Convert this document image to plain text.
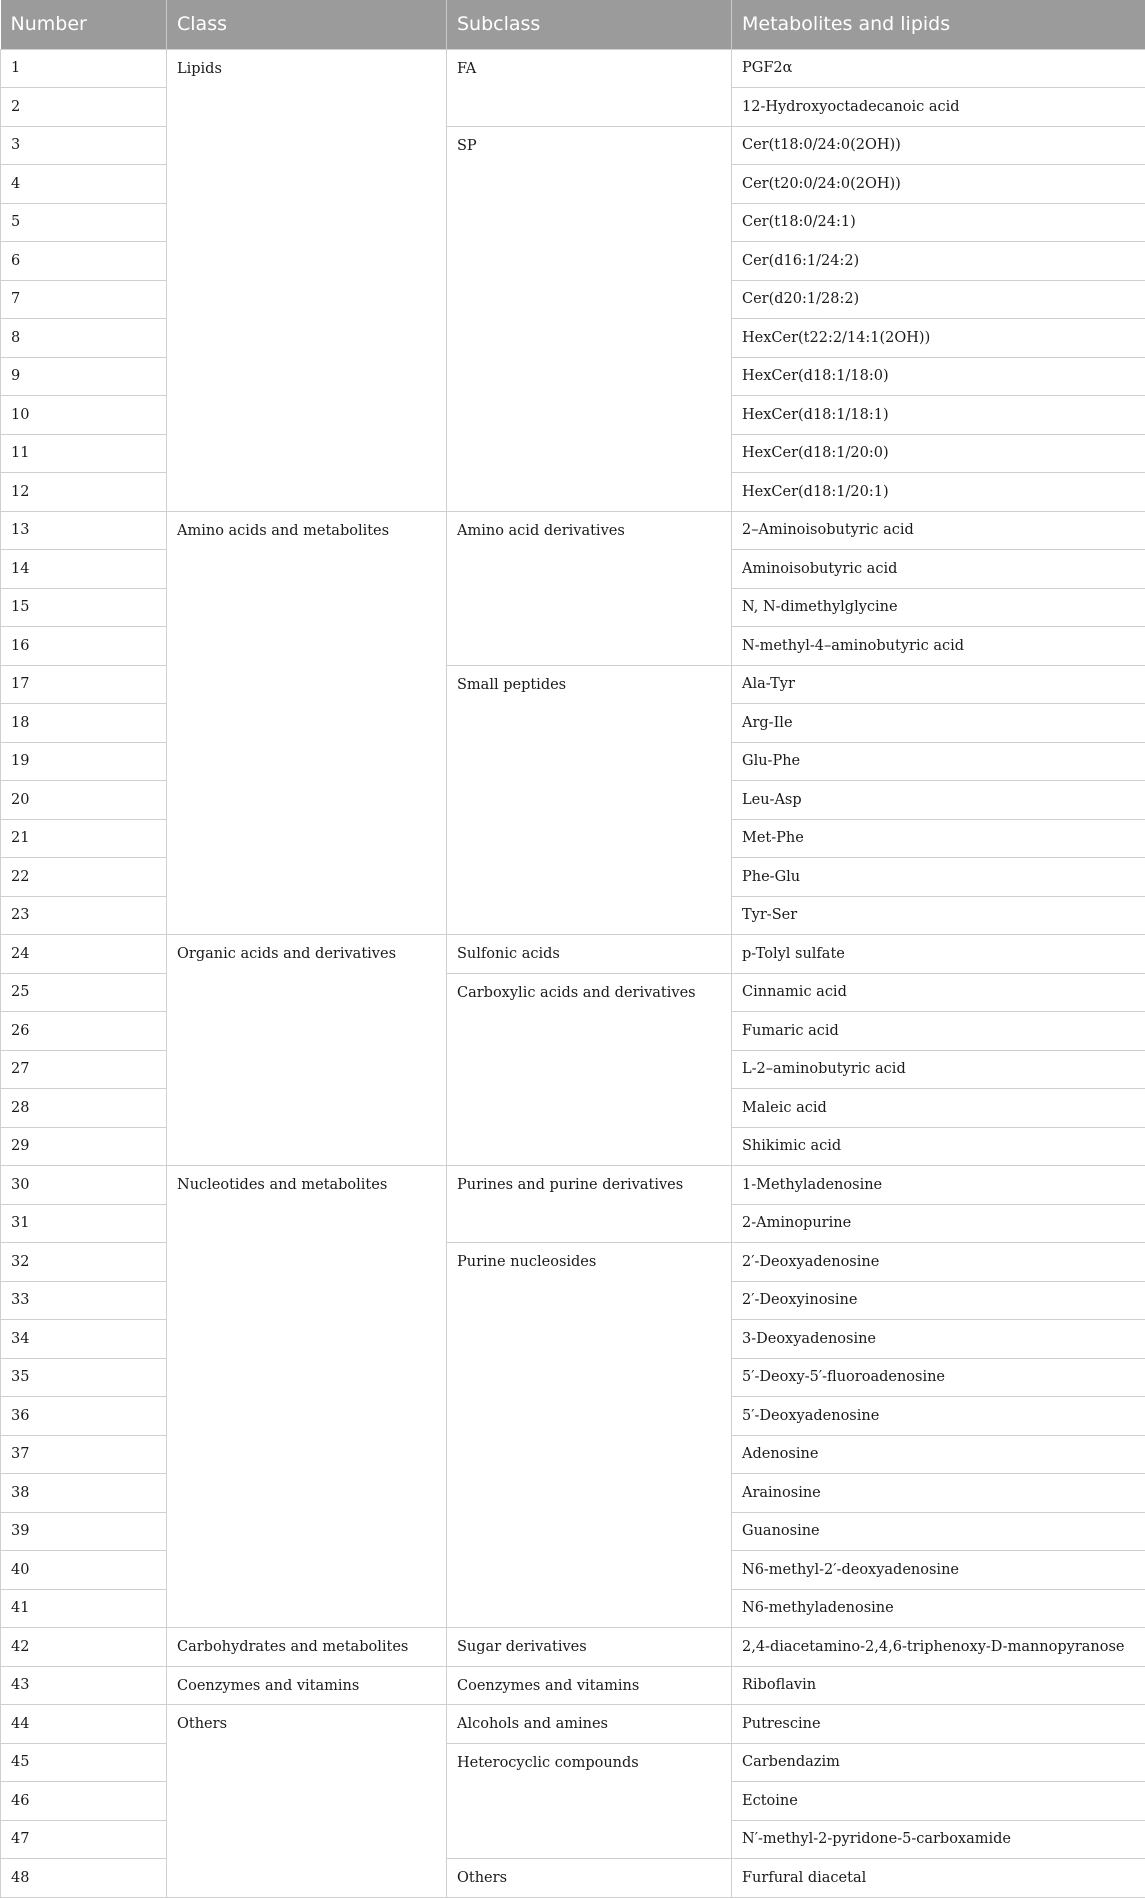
Number	Class	Subclass	Metabolites and lipids
1	Lipids	FA	PGF2α
2			12-Hydroxyoctadecanoic acid
3		SP	Cer(t18:0/24:0(2OH))
4			Cer(t20:0/24:0(2OH))
5			Cer(t18:0/24:1)
6			Cer(d16:1/24:2)
7			Cer(d20:1/28:2)
8			HexCer(t22:2/14:1(2OH))
9			HexCer(d18:1/18:0)
10			HexCer(d18:1/18:1)
11			HexCer(d18:1/20:0)
12			HexCer(d18:1/20:1)
13	Amino acids and metabolites	Amino acid derivatives	2–Aminoisobutyric acid
14			Aminoisobutyric acid
15			N, N-dimethylglycine
16			N-methyl-4–aminobutyric acid
17		Small peptides	Ala-Tyr
18			Arg-Ile
19			Glu-Phe
20			Leu-Asp
21			Met-Phe
22			Phe-Glu
23			Tyr-Ser
24	Organic acids and derivatives	Sulfonic acids	p-Tolyl sulfate
25		Carboxylic acids and derivatives	Cinnamic acid
26			Fumaric acid
27			L-2–aminobutyric acid
28			Maleic acid
29			Shikimic acid
30	Nucleotides and metabolites	Purines and purine derivatives	1-Methyladenosine
31			2-Aminopurine
32		Purine nucleosides	2′-Deoxyadenosine
33			2′-Deoxyinosine
34			3-Deoxyadenosine
35			5′-Deoxy-5′-fluoroadenosine
36			5′-Deoxyadenosine
37			Adenosine
38			Arainosine
39			Guanosine
40			N6-methyl-2′-deoxyadenosine
41			N6-methyladenosine
42	Carbohydrates and metabolites	Sugar derivatives	2,4-diacetamino-2,4,6-triphenoxy-D-mannopyranose
43	Coenzymes and vitamins	Coenzymes and vitamins	Riboflavin
44	Others	Alcohols and amines	Putrescine
45		Heterocyclic compounds	Carbendazim
46			Ectoine
47			N′-methyl-2-pyridone-5-carboxamide
48		Others	Furfural diacetal
